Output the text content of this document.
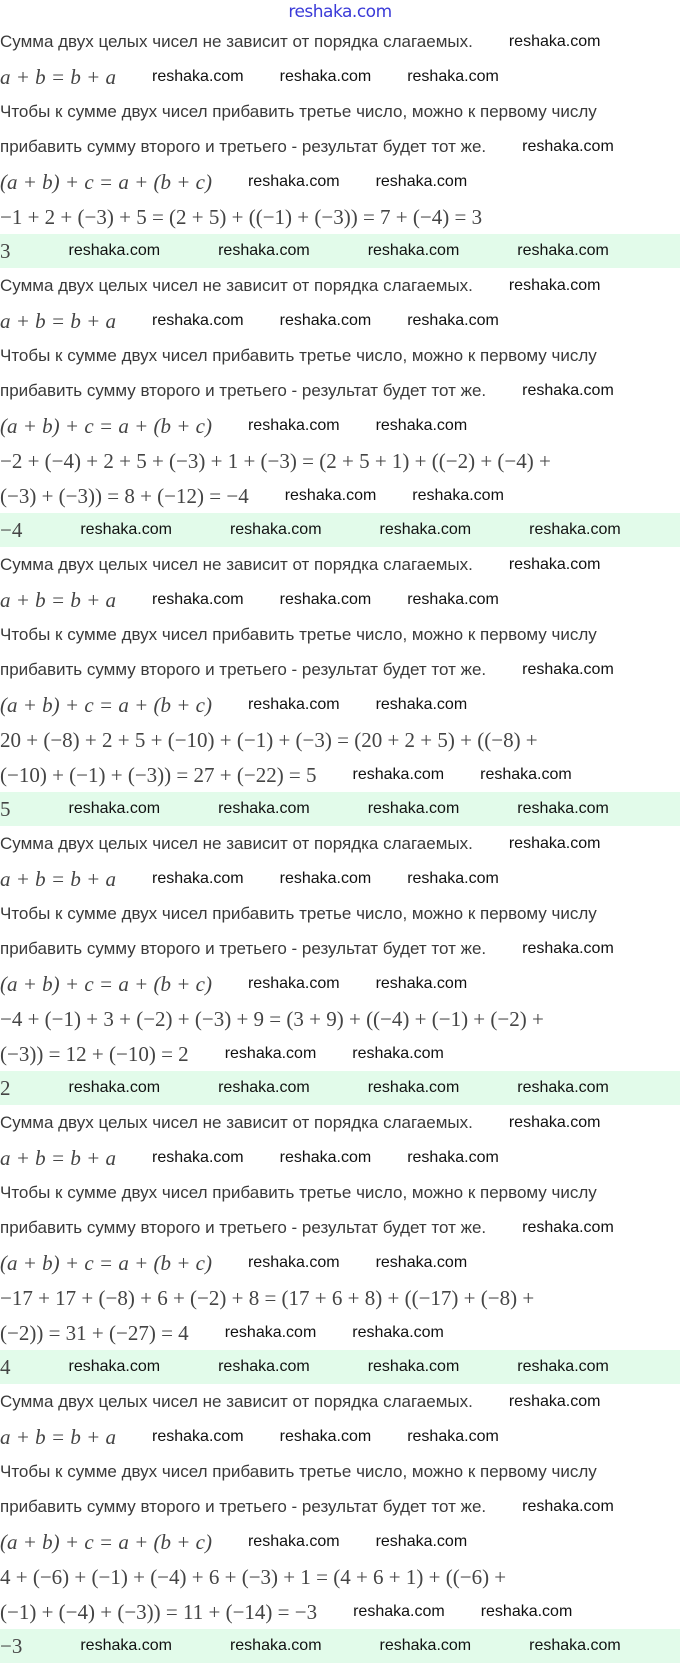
reshaka.com
Сумма двух целых чисел не зависит от порядка слагаемых. reshaka.com
a + b = b + a reshaka.com reshaka.com reshaka.com
Чтобы к сумме двух чисел прибавить третье число, можно к первому числу
прибавить сумму второго и третьего - результат будет тот же. reshaka.com
(a + b) + c = a + (b + c) reshaka.com reshaka.com
−1 + 2 + (−3) + 5 = (2 + 5) + ((−1) + (−3)) = 7 + (−4) = 3
3	reshaka.com	reshaka.com	reshaka.com	reshaka.com
Сумма двух целых чисел не зависит от порядка слагаемых. reshaka.com
a + b = b + a reshaka.com reshaka.com reshaka.com
Чтобы к сумме двух чисел прибавить третье число, можно к первому числу
прибавить сумму второго и третьего - результат будет тот же. reshaka.com
(a + b) + c = a + (b + c) reshaka.com reshaka.com
−2 + (−4) + 2 + 5 + (−3) + 1 + (−3) = (2 + 5 + 1) + ((−2) + (−4) +
(−3) + (−3)) = 8 + (−12) = −4 reshaka.com reshaka.com
−4	reshaka.com	reshaka.com	reshaka.com	reshaka.com
Сумма двух целых чисел не зависит от порядка слагаемых. reshaka.com
a + b = b + a reshaka.com reshaka.com reshaka.com
Чтобы к сумме двух чисел прибавить третье число, можно к первому числу
прибавить сумму второго и третьего - результат будет тот же. reshaka.com
(a + b) + c = a + (b + c) reshaka.com reshaka.com
20 + (−8) + 2 + 5 + (−10) + (−1) + (−3) = (20 + 2 + 5) + ((−8) +
(−10) + (−1) + (−3)) = 27 + (−22) = 5 reshaka.com reshaka.com
5	reshaka.com	reshaka.com	reshaka.com	reshaka.com
Сумма двух целых чисел не зависит от порядка слагаемых. reshaka.com
a + b = b + a reshaka.com reshaka.com reshaka.com
Чтобы к сумме двух чисел прибавить третье число, можно к первому числу
прибавить сумму второго и третьего - результат будет тот же. reshaka.com
(a + b) + c = a + (b + c) reshaka.com reshaka.com
−4 + (−1) + 3 + (−2) + (−3) + 9 = (3 + 9) + ((−4) + (−1) + (−2) +
(−3)) = 12 + (−10) = 2 reshaka.com reshaka.com
2	reshaka.com	reshaka.com	reshaka.com	reshaka.com
Сумма двух целых чисел не зависит от порядка слагаемых. reshaka.com
a + b = b + a reshaka.com reshaka.com reshaka.com
Чтобы к сумме двух чисел прибавить третье число, можно к первому числу
прибавить сумму второго и третьего - результат будет тот же. reshaka.com
(a + b) + c = a + (b + c) reshaka.com reshaka.com
−17 + 17 + (−8) + 6 + (−2) + 8 = (17 + 6 + 8) + ((−17) + (−8) +
(−2)) = 31 + (−27) = 4 reshaka.com reshaka.com
4	reshaka.com	reshaka.com	reshaka.com	reshaka.com
Сумма двух целых чисел не зависит от порядка слагаемых. reshaka.com
a + b = b + a reshaka.com reshaka.com reshaka.com
Чтобы к сумме двух чисел прибавить третье число, можно к первому числу
прибавить сумму второго и третьего - результат будет тот же. reshaka.com
(a + b) + c = a + (b + c) reshaka.com reshaka.com
4 + (−6) + (−1) + (−4) + 6 + (−3) + 1 = (4 + 6 + 1) + ((−6) +
(−1) + (−4) + (−3)) = 11 + (−14) = −3 reshaka.com reshaka.com
−3	reshaka.com	reshaka.com	reshaka.com	reshaka.com
